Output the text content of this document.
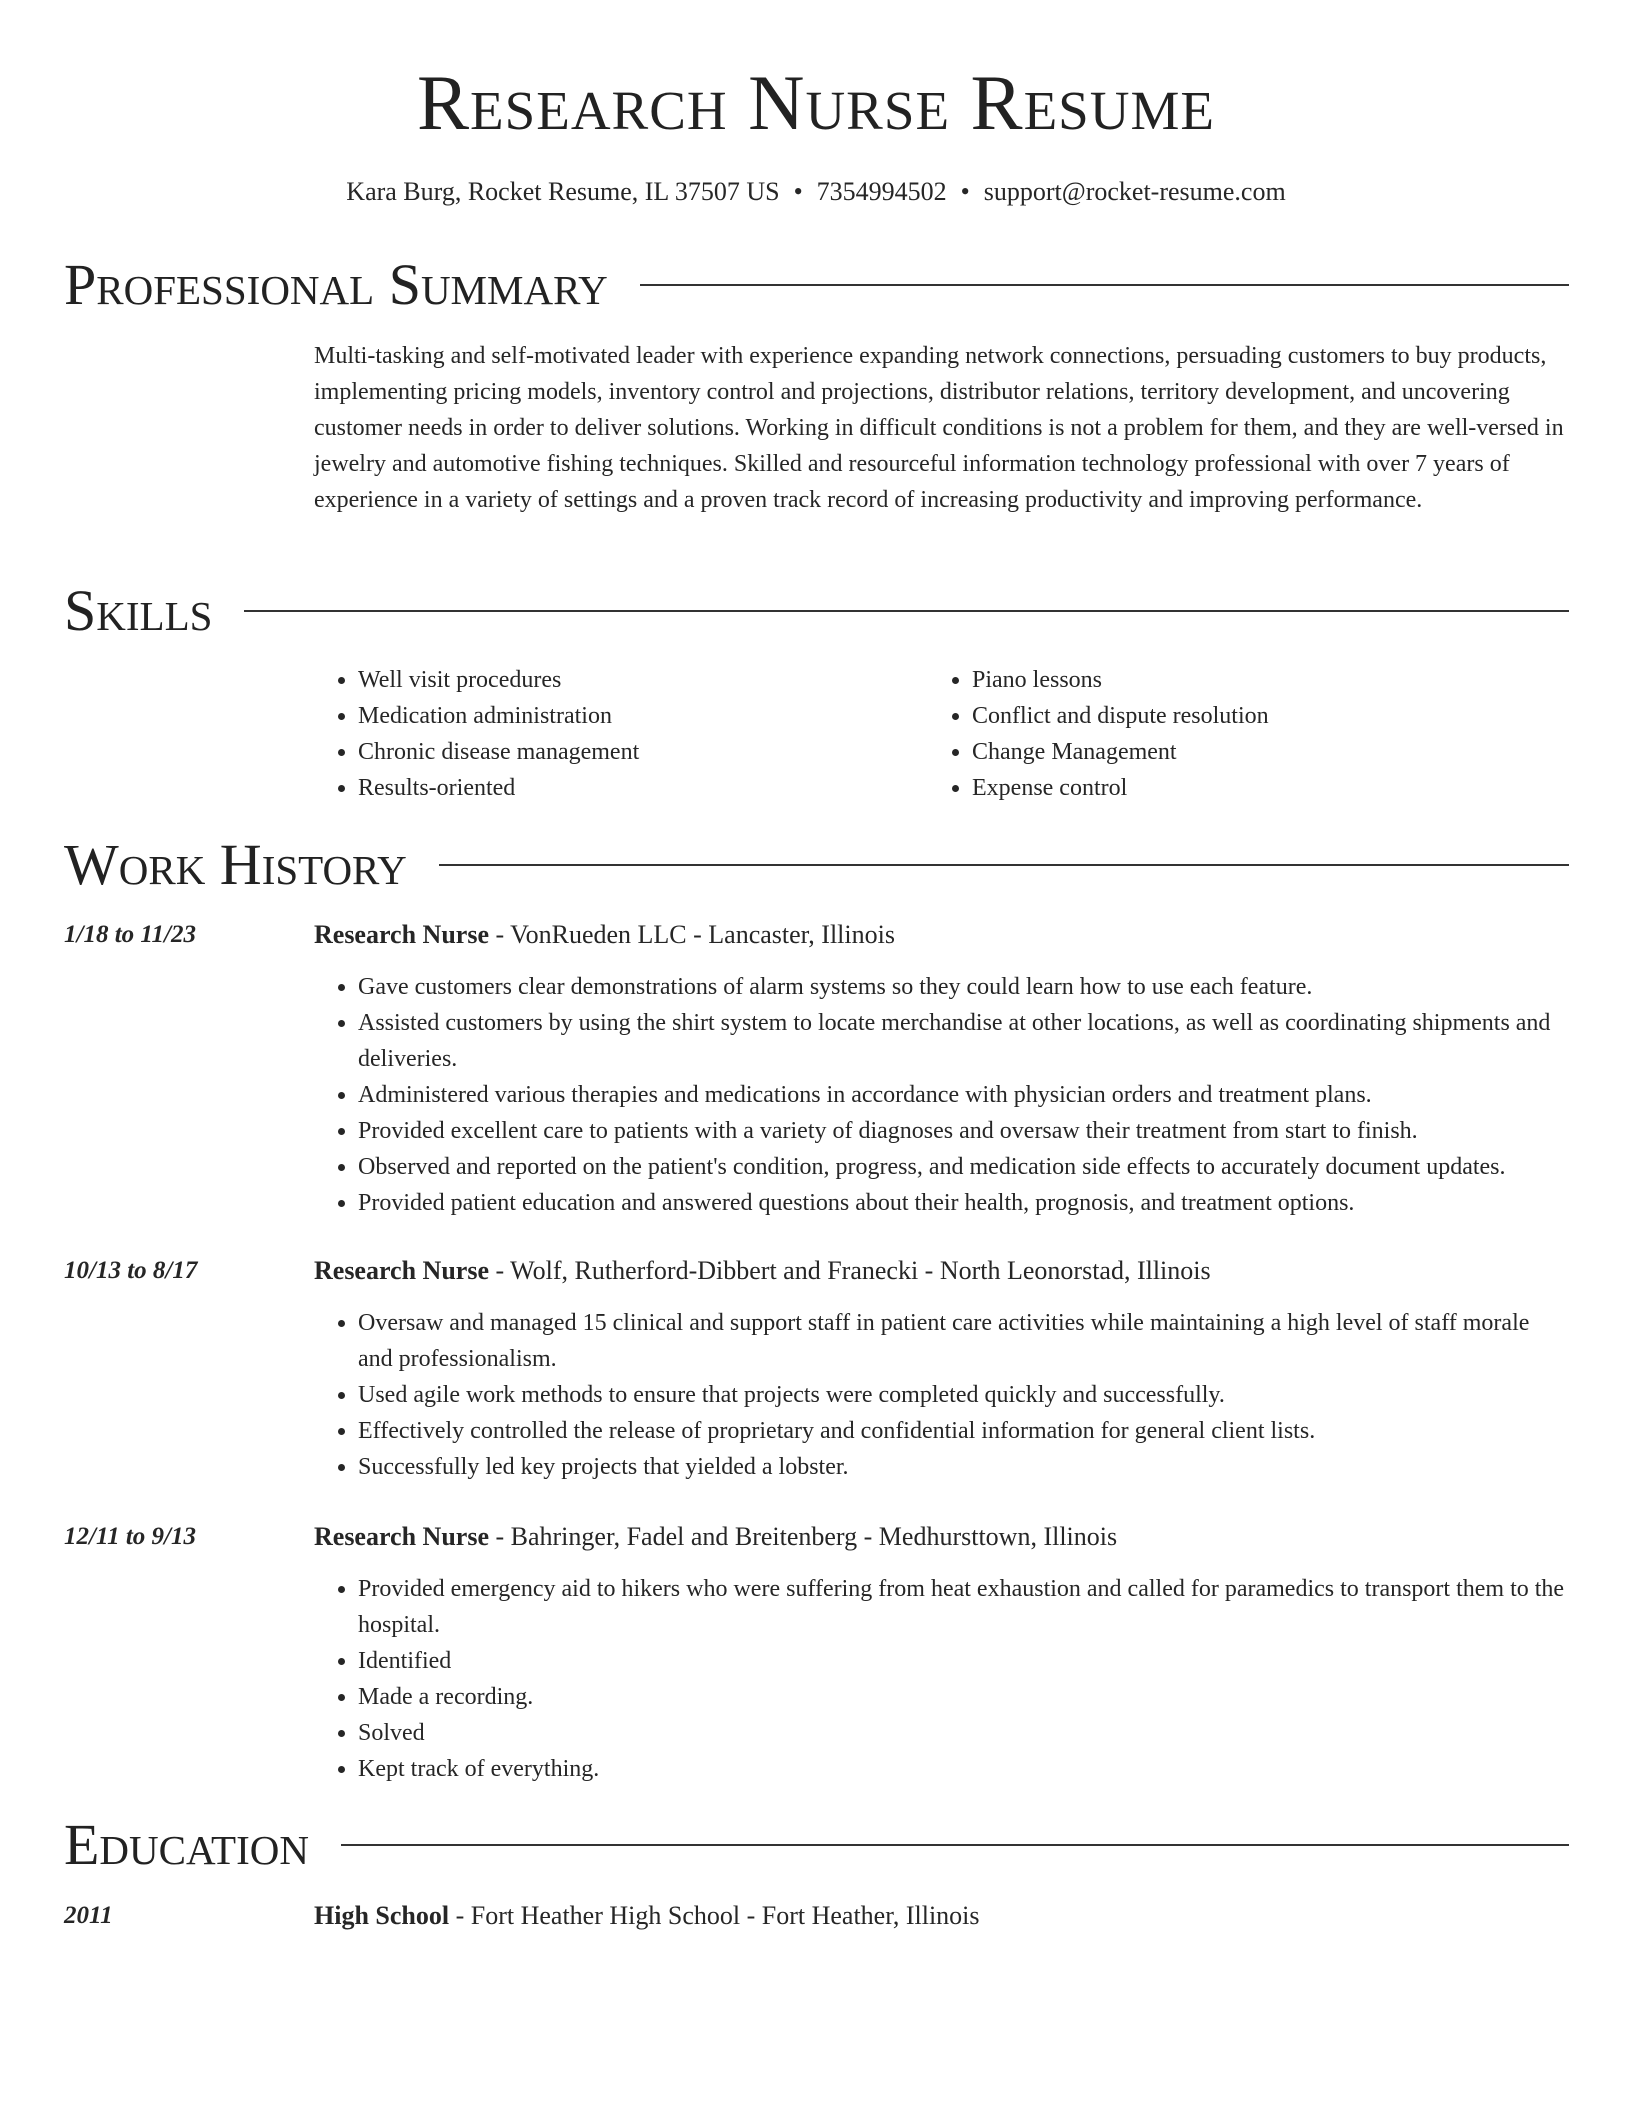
Research Nurse Resume
Kara Burg, Rocket Resume, IL 37507 US • 7354994502 • support@rocket-resume.com
Professional Summary

Multi-tasking and self-motivated leader with experience expanding network connections, persuading customers to buy products, implementing pricing models, inventory control and projections, distributor relations, territory development, and uncovering customer needs in order to deliver solutions. Working in difficult conditions is not a problem for them, and they are well-versed in jewelry and automotive fishing techniques. Skilled and resourceful information technology professional with over 7 years of experience in a variety of settings and a proven track record of increasing productivity and improving performance.

Skills
• Well visit procedures
• Medication administration
• Chronic disease management
• Results-oriented
• Piano lessons
• Conflict and dispute resolution
• Change Management
• Expense control
Work History
1/18 to 11/23	Research Nurse - VonRueden LLC - Lancaster, Illinois
• Gave customers clear demonstrations of alarm systems so they could learn how to use each feature.
• Assisted customers by using the shirt system to locate merchandise at other locations, as well as coordinating shipments and deliveries.
• Administered various therapies and medications in accordance with physician orders and treatment plans.
• Provided excellent care to patients with a variety of diagnoses and oversaw their treatment from start to finish.
• Observed and reported on the patient's condition, progress, and medication side effects to accurately document updates.
• Provided patient education and answered questions about their health, prognosis, and treatment options.
10/13 to 8/17	Research Nurse - Wolf, Rutherford-Dibbert and Franecki - North Leonorstad, Illinois
• Oversaw and managed 15 clinical and support staff in patient care activities while maintaining a high level of staff morale and professionalism.
• Used agile work methods to ensure that projects were completed quickly and successfully.
• Effectively controlled the release of proprietary and confidential information for general client lists.
• Successfully led key projects that yielded a lobster.
12/11 to 9/13	Research Nurse - Bahringer, Fadel and Breitenberg - Medhursttown, Illinois
• Provided emergency aid to hikers who were suffering from heat exhaustion and called for paramedics to transport them to the hospital.
• Identified
• Made a recording.
• Solved
• Kept track of everything.
Education
2011	High School - Fort Heather High School - Fort Heather, Illinois
